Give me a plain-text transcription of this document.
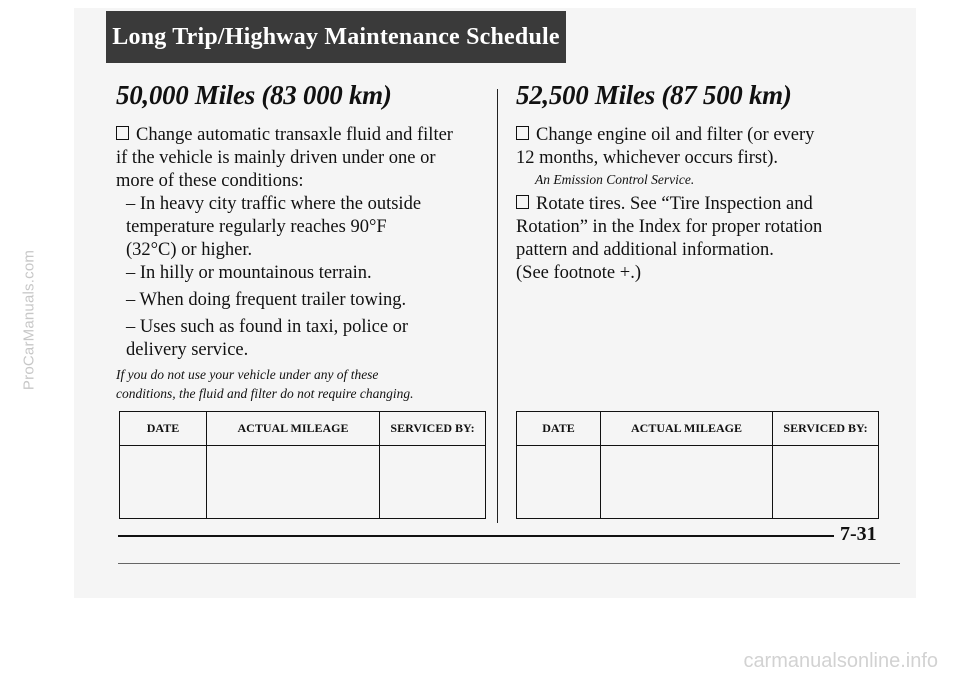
ProCarManuals.com
Long Trip/Highway Maintenance Schedule
50,000 Miles (83 000 km)
Change automatic transaxle fluid and filter
if the vehicle is mainly driven under one or
more of these conditions:
– In heavy city traffic where the outside
temperature regularly reaches 90°F
(32°C) or higher.
– In hilly or mountainous terrain.
– When doing frequent trailer towing.
– Uses such as found in taxi, police or
delivery service.
If you do not use your vehicle under any of these
conditions, the fluid and filter do not require changing.
DATE	ACTUAL MILEAGE	SERVICED BY:

52,500 Miles (87 500 km)
Change engine oil and filter (or every
12 months, whichever occurs first).
An Emission Control Service.
Rotate tires. See “Tire Inspection and
Rotation” in the Index for proper rotation
pattern and additional information.
(See footnote +.)
DATE	ACTUAL MILEAGE	SERVICED BY:

7-31
carmanualsonline.info
